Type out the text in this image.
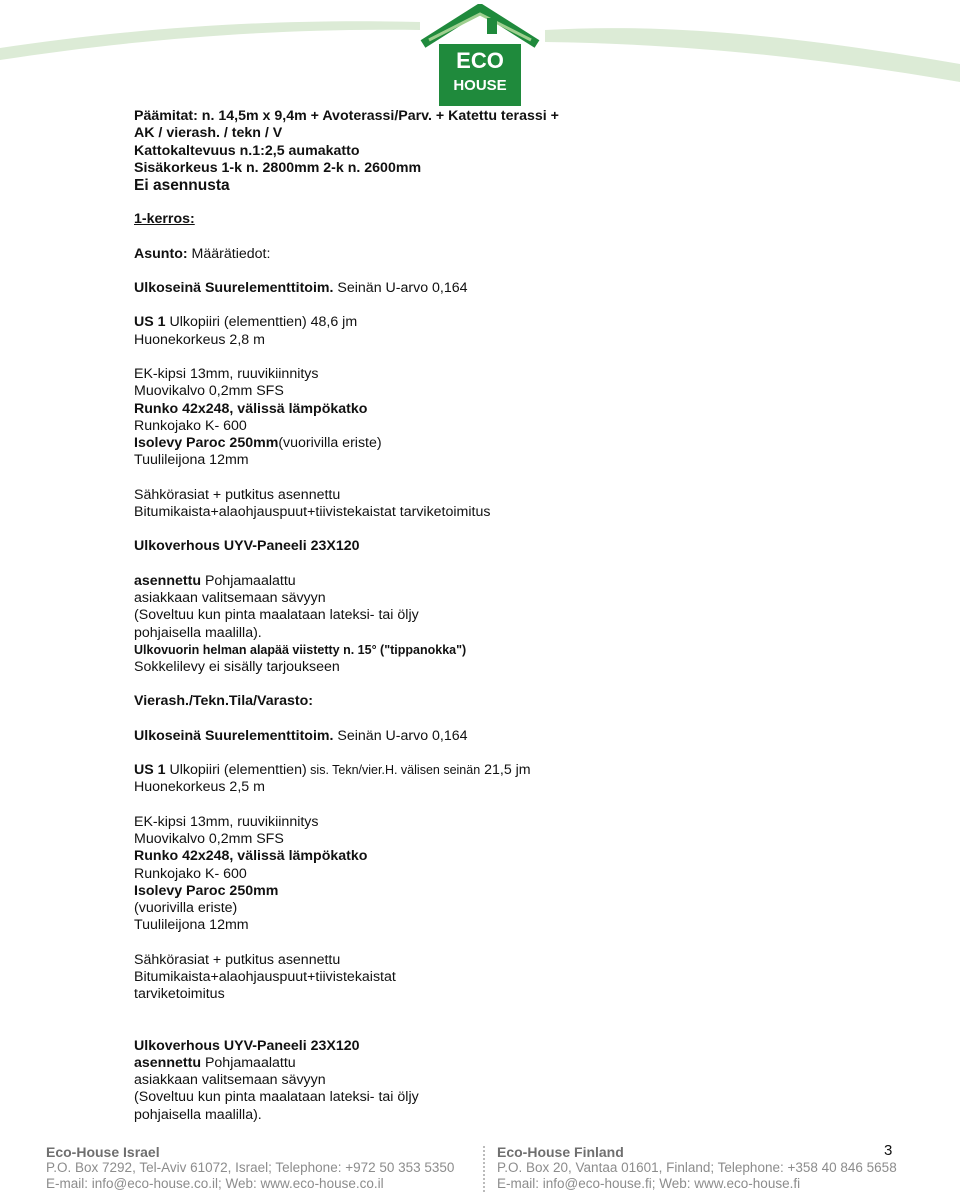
ECO
HOUSE
Päämitat: n. 14,5m x 9,4m + Avoterassi/Parv. + Katettu terassi +
AK / vierash. / tekn / V
Kattokaltevuus n.1:2,5 aumakatto
Sisäkorkeus 1-k n. 2800mm 2-k n. 2600mm
Ei asennusta
1-kerros:
Asunto: Määrätiedot:
Ulkoseinä Suurelementtitoim. Seinän U-arvo 0,164
US 1 Ulkopiiri (elementtien) 48,6 jm
Huonekorkeus 2,8 m
EK-kipsi 13mm, ruuvikiinnitys
Muovikalvo 0,2mm SFS
Runko 42x248, välissä lämpökatko
Runkojako K- 600
Isolevy Paroc 250mm(vuorivilla eriste)
Tuulileijona 12mm
Sähkörasiat + putkitus asennettu
Bitumikaista+alaohjauspuut+tiivistekaistat tarviketoimitus
Ulkoverhous UYV-Paneeli 23X120
asennettu Pohjamaalattu
asiakkaan valitsemaan sävyyn
(Soveltuu kun pinta maalataan lateksi- tai öljy
pohjaisella maalilla).
Ulkovuorin helman alapää viistetty n. 15° ("tippanokka")
Sokkelilevy ei sisälly tarjoukseen
Vierash./Tekn.Tila/Varasto:
Ulkoseinä Suurelementtitoim. Seinän U-arvo 0,164
US 1 Ulkopiiri (elementtien) sis. Tekn/vier.H. välisen seinän 21,5 jm
Huonekorkeus 2,5 m
EK-kipsi 13mm, ruuvikiinnitys
Muovikalvo 0,2mm SFS
Runko 42x248, välissä lämpökatko
Runkojako K- 600
Isolevy Paroc 250mm
(vuorivilla eriste)
Tuulileijona 12mm
Sähkörasiat + putkitus asennettu
Bitumikaista+alaohjauspuut+tiivistekaistat
tarviketoimitus
Ulkoverhous UYV-Paneeli 23X120
asennettu Pohjamaalattu
asiakkaan valitsemaan sävyyn
(Soveltuu kun pinta maalataan lateksi- tai öljy
pohjaisella maalilla).
Eco-House Israel
P.O. Box 7292, Tel-Aviv 61072, Israel; Telephone: +972 50 353 5350
E-mail: info@eco-house.co.il; Web: www.eco-house.co.il
Eco-House Finland
P.O. Box 20, Vantaa 01601, Finland; Telephone: +358 40 846 5658
E-mail: info@eco-house.fi; Web: www.eco-house.fi
3
